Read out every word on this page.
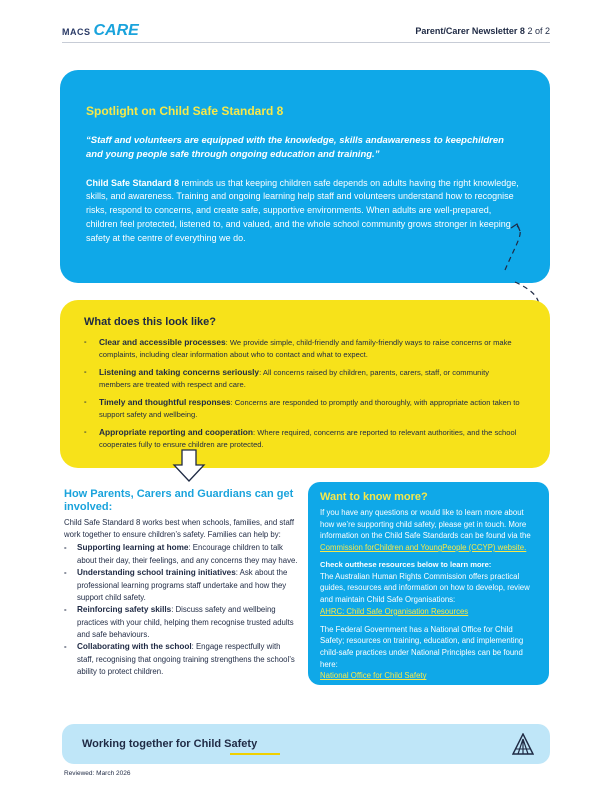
MACS CARE	Parent/Carer Newsletter 8 2 of 2
Spotlight on Child Safe Standard 8
“Staff and volunteers are equipped with the knowledge, skills andawareness to keepchildren and young people safe through ongoing education and training.”
Child Safe Standard 8 reminds us that keeping children safe depends on adults having the right knowledge, skills, and awareness. Training and ongoing learning help staff and volunteers understand how to recognise risks, respond to concerns, and create safe, supportive environments. When adults are well-prepared, children feel protected, listened to, and valued, and the whole school community grows stronger in keeping safety at the centre of everything we do.
What does this look like?
- Clear and accessible processes: We provide simple, child-friendly and family-friendly ways to raise concerns or make complaints, including clear information about who to contact and what to expect.
- Listening and taking concerns seriously: All concerns raised by children, parents, carers, staff, or community members are treated with respect and care.
- Timely and thoughtful responses: Concerns are responded to promptly and thoroughly, with appropriate action taken to support safety and wellbeing.
- Appropriate reporting and cooperation: Where required, concerns are reported to relevant authorities, and the school cooperates fully to ensure children are protected.
How Parents, Carers and Guardians can get involved:
Child Safe Standard 8 works best when schools, families, and staff work together to ensure children’s safety. Families can help by:
- Supporting learning at home: Encourage children to talk about their day, their feelings, and any concerns they may have.
- Understanding school training initiatives: Ask about the professional learning programs staff undertake and how they support child safety.
- Reinforcing safety skills: Discuss safety and wellbeing practices with your child, helping them recognise trusted adults and safe behaviours.
- Collaborating with the school: Engage respectfully with staff, recognising that ongoing training strengthens the school’s ability to protect children.
Want to know more?
If you have any questions or would like to learn more about how we’re supporting child safety, please get in touch. More information on the Child Safe Standards can be found via the Commission forChildren and YoungPeople (CCYP) website.
Check outthese resources below to learn more:
The Australian Human Rights Commission offers practical guides, resources and information on how to develop, review and maintain Child Safe Organisations:
AHRC: Child Safe Organisation Resources
The Federal Government has a National Office for Child Safety; resources on training, education, and implementing child-safe practices under National Principles can be found here:
National Office for Child Safety
Working together for Child Safety
Reviewed: March 2026
